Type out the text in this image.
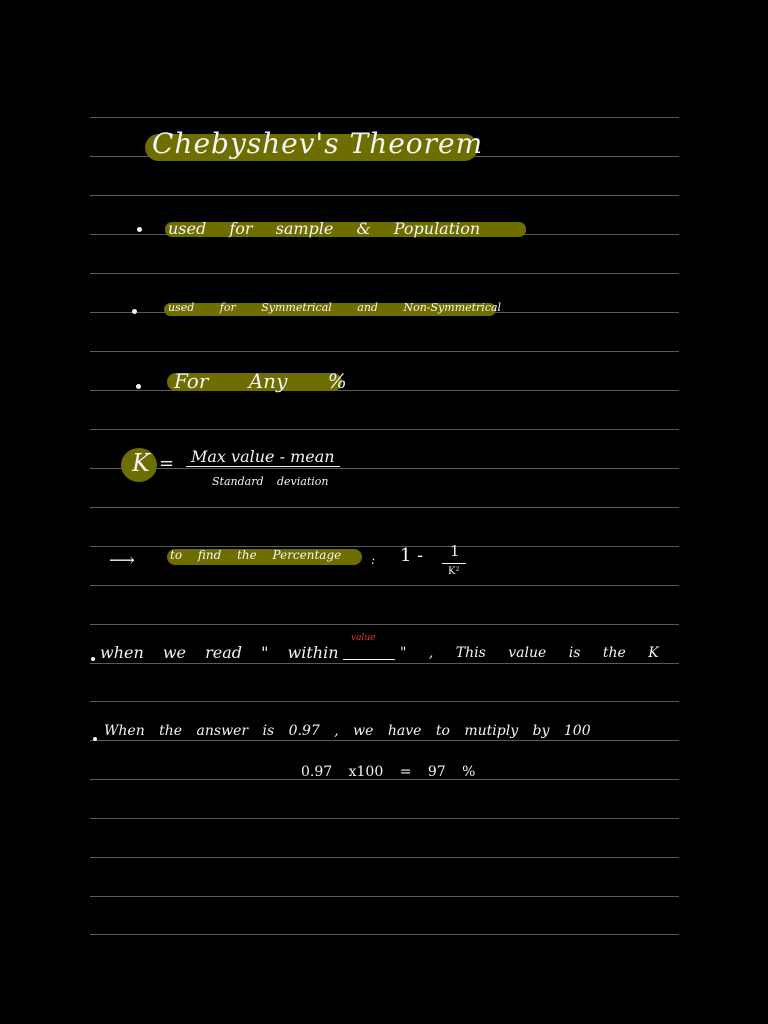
Chebyshev's Theorem
used for sample & Population
used for Symmetrical and Non-Symmetrical
For Any %
K = Max value - mean
Standard deviation
⟶	to find the Percentage : 1 - 1
K²
when we read " within
value
" , This value is the K
When the answer is 0.97 , we have to mutiply by 100
0.97 x100 = 97 %
